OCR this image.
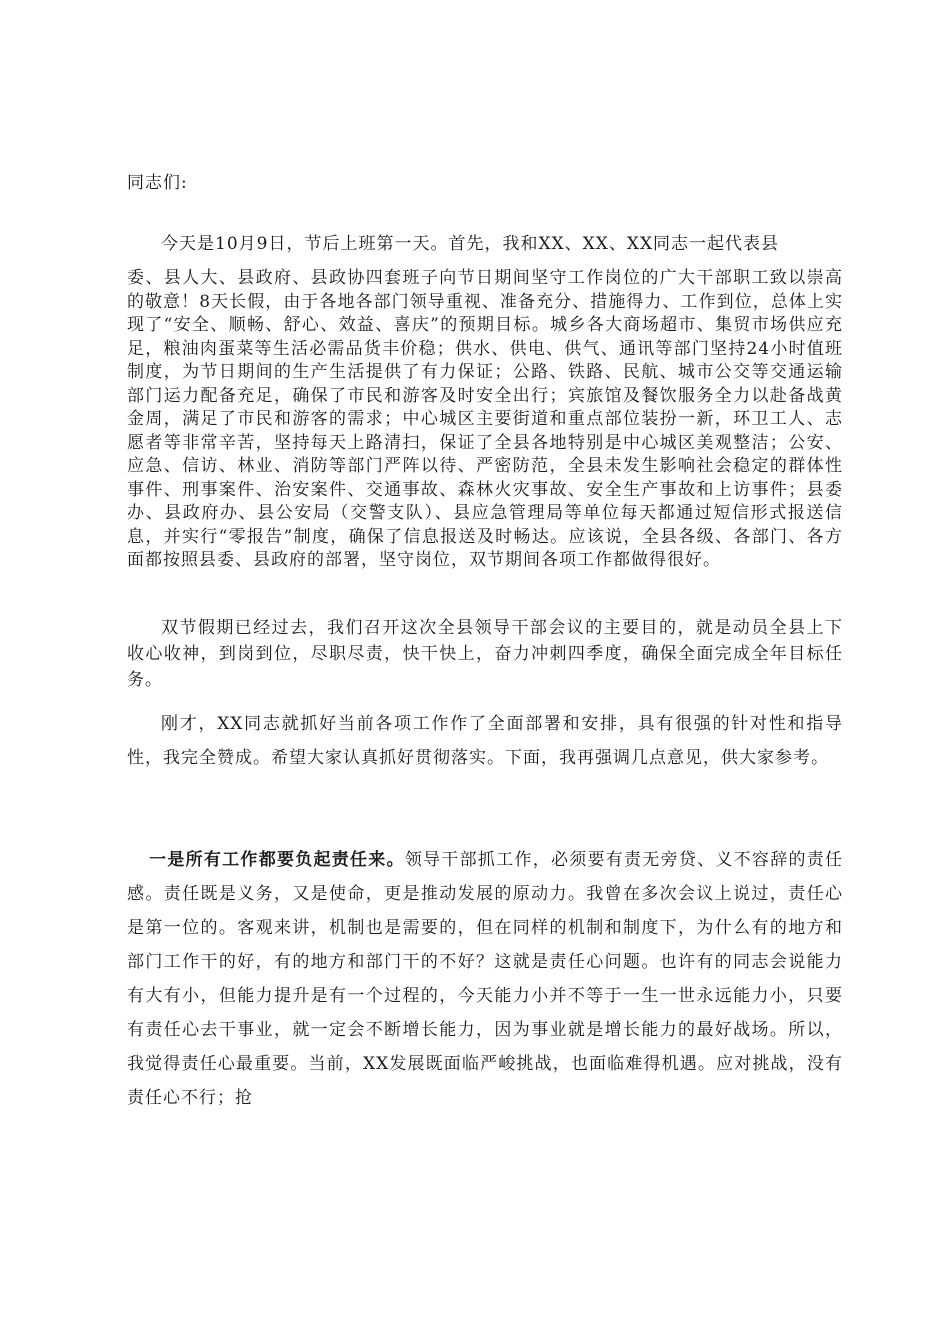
同志们:

今天是10月9日，节后上班第一天。首先，我和XX、XX、XX同志一起代表县
委、县人大、县政府、县政协四套班子向节日期间坚守工作岗位的广大干部职工致以崇高的敬意！8天长假，由于各地各部门领导重视、准备充分、措施得力、工作到位，总体上实现了“安全、顺畅、舒心、效益、喜庆”的预期目标。城乡各大商场超市、集贸市场供应充足，粮油肉蛋菜等生活必需品货丰价稳；供水、供电、供气、通讯等部门坚持24小时值班制度，为节日期间的生产生活提供了有力保证；公路、铁路、民航、城市公交等交通运输部门运力配备充足，确保了市民和游客及时安全出行；宾旅馆及餐饮服务全力以赴备战黄金周，满足了市民和游客的需求；中心城区主要街道和重点部位装扮一新，环卫工人、志愿者等非常辛苦，坚持每天上路清扫，保证了全县各地特别是中心城区美观整洁；公安、应急、信访、林业、消防等部门严阵以待、严密防范，全县未发生影响社会稳定的群体性事件、刑事案件、治安案件、交通事故、森林火灾事故、安全生产事故和上访事件；县委办、县政府办、县公安局（交警支队）、县应急管理局等单位每天都通过短信形式报送信息，并实行“零报告”制度，确保了信息报送及时畅达。应该说，全县各级、各部门、各方面都按照县委、县政府的部署，坚守岗位，双节期间各项工作都做得很好。

双节假期已经过去，我们召开这次全县领导干部会议的主要目的，就是动员全县上下收心收神，到岗到位，尽职尽责，快干快上，奋力冲刺四季度，确保全面完成全年目标任务。

刚才，XX同志就抓好当前各项工作作了全面部署和安排，具有很强的针对性和指导性，我完全赞成。希望大家认真抓好贯彻落实。下面，我再强调几点意见，供大家参考。

一是所有工作都要负起责任来。领导干部抓工作，必须要有责无旁贷、义不容辞的责任感。责任既是义务，又是使命，更是推动发展的原动力。我曾在多次会议上说过，责任心是第一位的。客观来讲，机制也是需要的，但在同样的机制和制度下，为什么有的地方和部门工作干的好，有的地方和部门干的不好？这就是责任心问题。也许有的同志会说能力有大有小，但能力提升是有一个过程的，今天能力小并不等于一生一世永远能力小，只要有责任心去干事业，就一定会不断增长能力，因为事业就是增长能力的最好战场。所以，我觉得责任心最重要。当前，XX发展既面临严峻挑战，也面临难得机遇。应对挑战，没有责任心不行；抢
